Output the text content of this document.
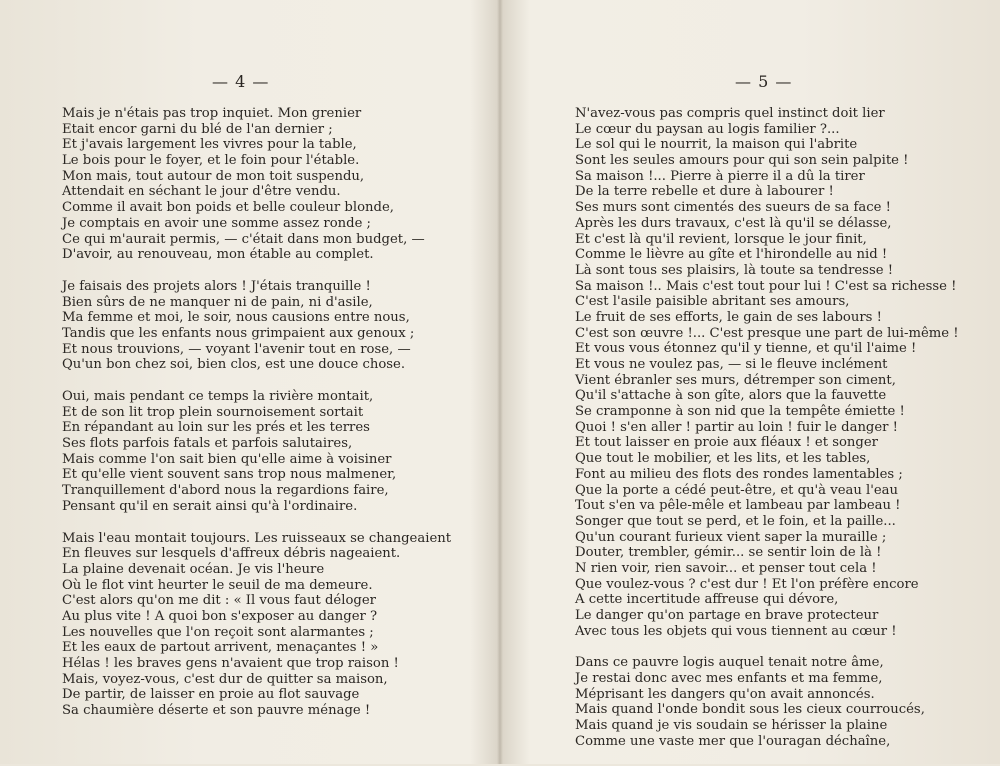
— 4 —
Mais je n'étais pas trop inquiet. Mon grenier
Etait encor garni du blé de l'an dernier ;
Et j'avais largement les vivres pour la table,
Le bois pour le foyer, et le foin pour l'étable.
Mon mais, tout autour de mon toit suspendu,
Attendait en séchant le jour d'être vendu.
Comme il avait bon poids et belle couleur blonde,
Je comptais en avoir une somme assez ronde ;
Ce qui m'aurait permis, — c'était dans mon budget, —
D'avoir, au renouveau, mon étable au complet.
Je faisais des projets alors ! J'étais tranquille !
Bien sûrs de ne manquer ni de pain, ni d'asile,
Ma femme et moi, le soir, nous causions entre nous,
Tandis que les enfants nous grimpaient aux genoux ;
Et nous trouvions, — voyant l'avenir tout en rose, —
Qu'un bon chez soi, bien clos, est une douce chose.
Oui, mais pendant ce temps la rivière montait,
Et de son lit trop plein sournoisement sortait
En répandant au loin sur les prés et les terres
Ses flots parfois fatals et parfois salutaires,
Mais comme l'on sait bien qu'elle aime à voisiner
Et qu'elle vient souvent sans trop nous malmener,
Tranquillement d'abord nous la regardions faire,
Pensant qu'il en serait ainsi qu'à l'ordinaire.
Mais l'eau montait toujours. Les ruisseaux se changeaient
En fleuves sur lesquels d'affreux débris nageaient.
La plaine devenait océan. Je vis l'heure
Où le flot vint heurter le seuil de ma demeure.
C'est alors qu'on me dit : « Il vous faut déloger
Au plus vite ! A quoi bon s'exposer au danger ?
Les nouvelles que l'on reçoit sont alarmantes ;
Et les eaux de partout arrivent, menaçantes ! »
Hélas ! les braves gens n'avaient que trop raison !
Mais, voyez-vous, c'est dur de quitter sa maison,
De partir, de laisser en proie au flot sauvage
Sa chaumière déserte et son pauvre ménage !
— 5 —
N'avez-vous pas compris quel instinct doit lier
Le cœur du paysan au logis familier ?...
Le sol qui le nourrit, la maison qui l'abrite
Sont les seules amours pour qui son sein palpite !
Sa maison !... Pierre à pierre il a dû la tirer
De la terre rebelle et dure à labourer !
Ses murs sont cimentés des sueurs de sa face !
Après les durs travaux, c'est là qu'il se délasse,
Et c'est là qu'il revient, lorsque le jour finit,
Comme le lièvre au gîte et l'hirondelle au nid !
Là sont tous ses plaisirs, là toute sa tendresse !
Sa maison !.. Mais c'est tout pour lui ! C'est sa richesse !
C'est l'asile paisible abritant ses amours,
Le fruit de ses efforts, le gain de ses labours !
C'est son œuvre !... C'est presque une part de lui-même !
Et vous vous étonnez qu'il y tienne, et qu'il l'aime !
Et vous ne voulez pas, — si le fleuve inclément
Vient ébranler ses murs, détremper son ciment,
Qu'il s'attache à son gîte, alors que la fauvette
Se cramponne à son nid que la tempête émiette !
Quoi ! s'en aller ! partir au loin ! fuir le danger !
Et tout laisser en proie aux fléaux ! et songer
Que tout le mobilier, et les lits, et les tables,
Font au milieu des flots des rondes lamentables ;
Que la porte a cédé peut-être, et qu'à veau l'eau
Tout s'en va pêle-mêle et lambeau par lambeau !
Songer que tout se perd, et le foin, et la paille...
Qu'un courant furieux vient saper la muraille ;
Douter, trembler, gémir... se sentir loin de là !
N rien voir, rien savoir... et penser tout cela !
Que voulez-vous ? c'est dur ! Et l'on préfère encore
A cette incertitude affreuse qui dévore,
Le danger qu'on partage en brave protecteur
Avec tous les objets qui vous tiennent au cœur !
Dans ce pauvre logis auquel tenait notre âme,
Je restai donc avec mes enfants et ma femme,
Méprisant les dangers qu'on avait annoncés.
Mais quand l'onde bondit sous les cieux courroucés,
Mais quand je vis soudain se hérisser la plaine
Comme une vaste mer que l'ouragan déchaîne,
